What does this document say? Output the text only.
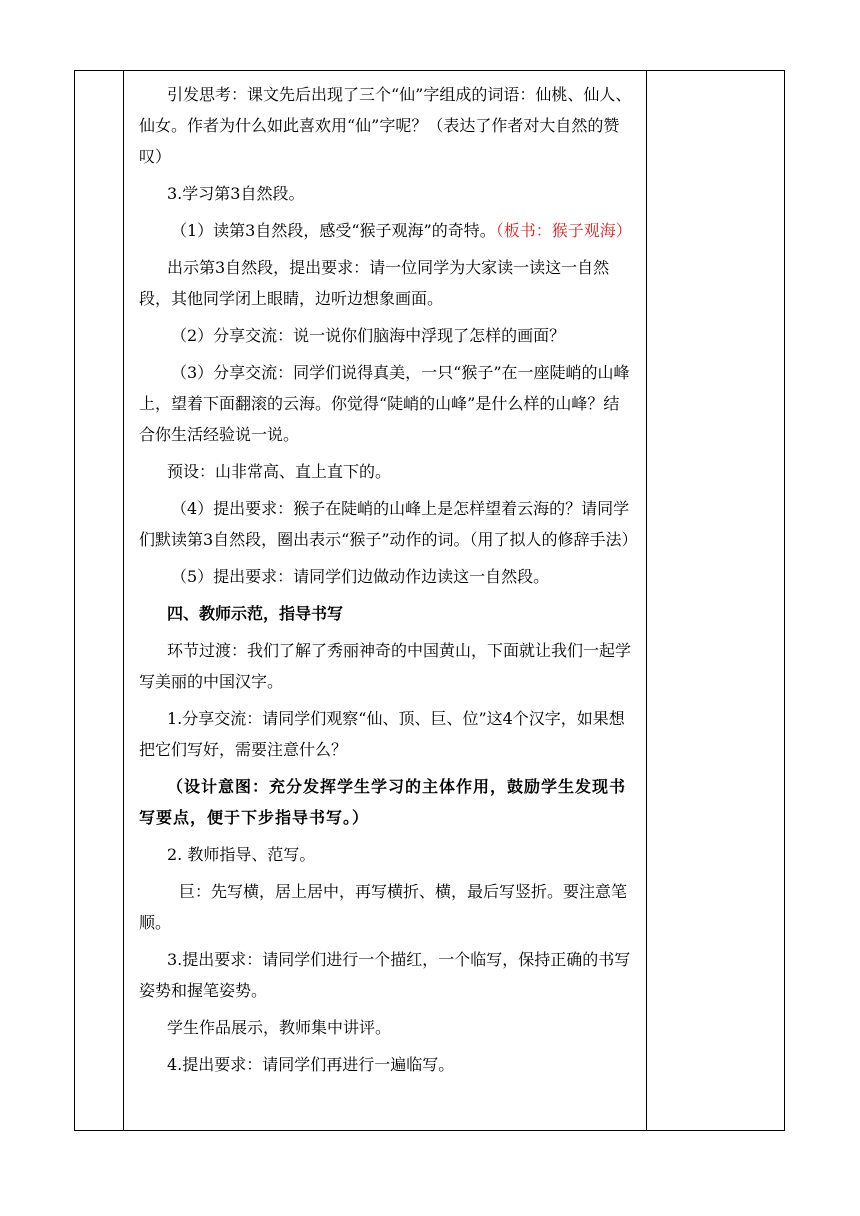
引发思考：课文先后出现了三个“仙”字组成的词语：仙桃、仙人、仙女。作者为什么如此喜欢用“仙”字呢？（表达了作者对大自然的赞叹）

3.学习第3自然段。

（1）读第3自然段，感受“猴子观海”的奇特。（板书：猴子观海）

出示第3自然段，提出要求：请一位同学为大家读一读这一自然段，其他同学闭上眼睛，边听边想象画面。

（2）分享交流：说一说你们脑海中浮现了怎样的画面？

（3）分享交流：同学们说得真美，一只“猴子”在一座陡峭的山峰上，望着下面翻滚的云海。你觉得“陡峭的山峰”是什么样的山峰？结合你生活经验说一说。

预设：山非常高、直上直下的。

（4）提出要求：猴子在陡峭的山峰上是怎样望着云海的？请同学们默读第3自然段，圈出表示“猴子”动作的词。（用了拟人的修辞手法）

（5）提出要求：请同学们边做动作边读这一自然段。

四、教师示范，指导书写

环节过渡：我们了解了秀丽神奇的中国黄山，下面就让我们一起学写美丽的中国汉字。

1.分享交流：请同学们观察“仙、顶、巨、位”这4个汉字，如果想把它们写好，需要注意什么？

（设计意图：充分发挥学生学习的主体作用，鼓励学生发现书写要点，便于下步指导书写。）

2. 教师指导、范写。

巨：先写横，居上居中，再写横折、横，最后写竖折。要注意笔顺。

3.提出要求：请同学们进行一个描红，一个临写，保持正确的书写姿势和握笔姿势。

学生作品展示，教师集中讲评。

4.提出要求：请同学们再进行一遍临写。
